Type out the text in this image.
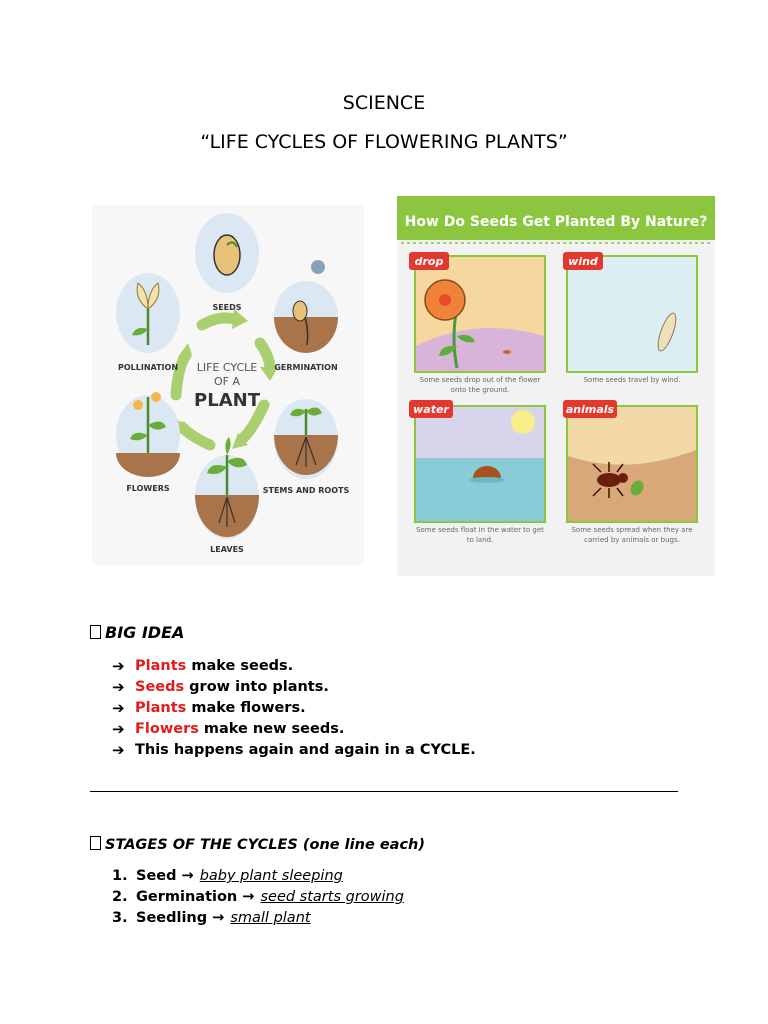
SCIENCE
“LIFE CYCLES OF FLOWERING PLANTS”
LIFE CYCLE
OF A
PLANT
SEEDS
GERMINATION
STEMS AND ROOTS
LEAVES
FLOWERS
POLLINATION
How Do Seeds Get Planted By Nature?
drop
Some seeds drop out of the flower
onto the ground.
wind
Some seeds travel by wind.
water
Some seeds float in the water to get
to land.
animals
Some seeds spread when they are
carried by animals or bugs.
BIG IDEA
➔ Plants make seeds.
➔ Seeds grow into plants.
➔ Plants make flowers.
➔ Flowers make new seeds.
➔ This happens again and again in a CYCLE.
STAGES OF THE CYCLES (one line each)
1. Seed → baby plant sleeping
2. Germination → seed starts growing
3. Seedling → small plant
